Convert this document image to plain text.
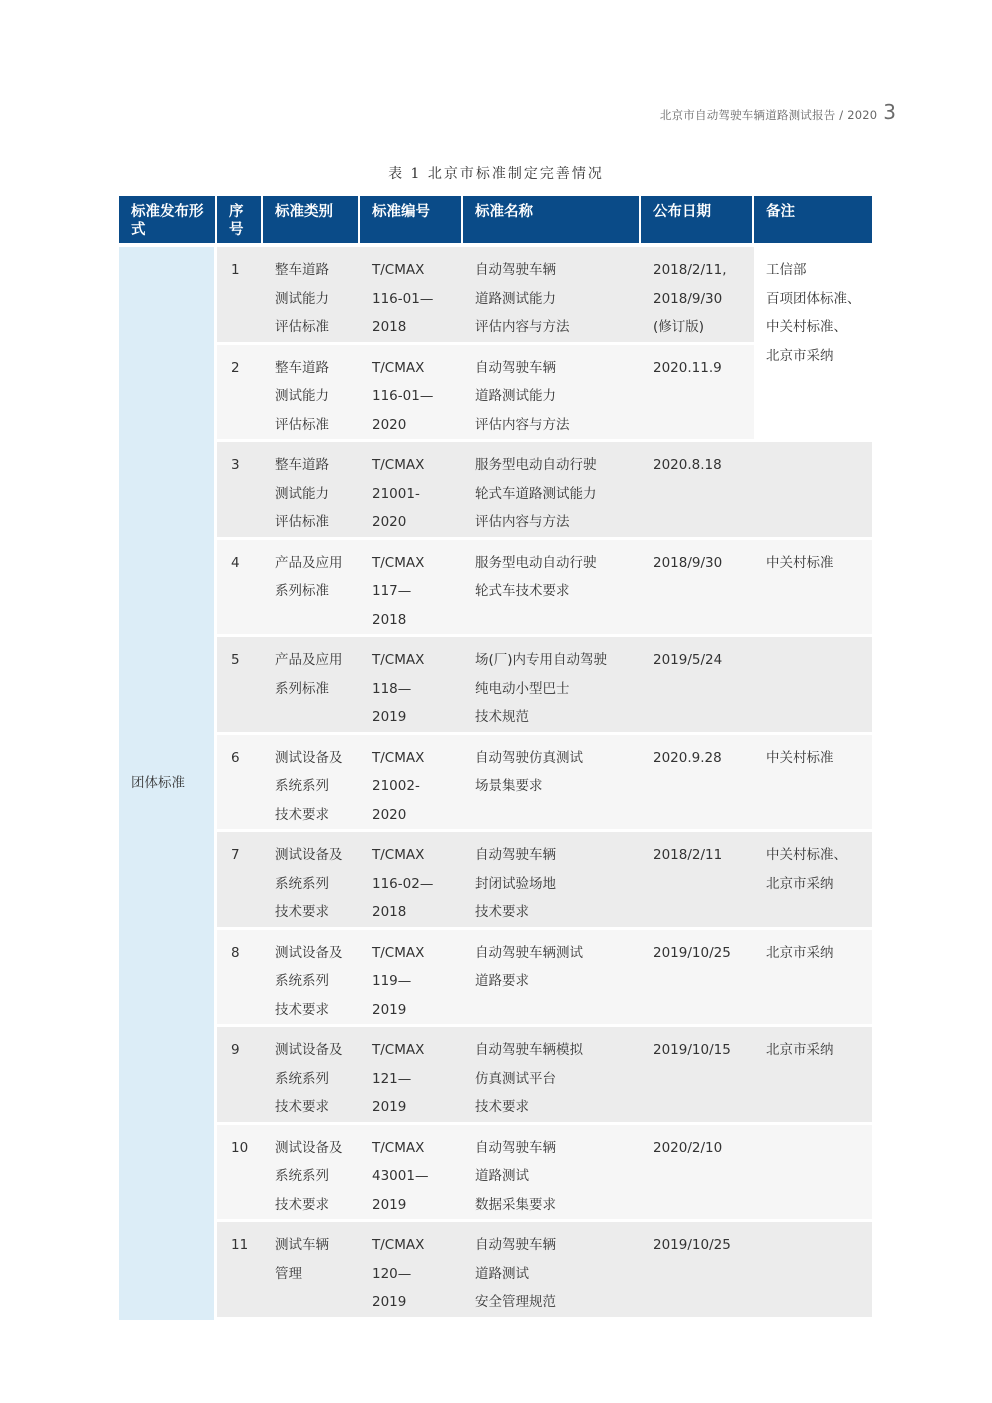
北京市自动驾驶车辆道路测试报告 / 2020 3
表 1 北京市标准制定完善情况
标准发布形式	序号	标准类别	标准编号	标准名称	公布日期	备注
团体标准	1	整车道路
测试能力
评估标准	T/CMAX
116-01—
2018	自动驾驶车辆
道路测试能力
评估内容与方法	2018/2/11,
2018/9/30
(修订版)	工信部
百项团体标准、
中关村标准、
北京市采纳

	2	整车道路
测试能力
评估标准	T/CMAX
116-01—
2020	自动驾驶车辆
道路测试能力
评估内容与方法	2020.11.9	

	3	整车道路
测试能力
评估标准	T/CMAX
21001-
2020	服务型电动自动行驶
轮式车道路测试能力
评估内容与方法	2020.8.18	

	4	产品及应用
系列标准	T/CMAX
117—
2018	服务型电动自动行驶
轮式车技术要求	2018/9/30	中关村标准

	5	产品及应用
系列标准	T/CMAX
118—
2019	场(厂)内专用自动驾驶
纯电动小型巴士
技术规范	2019/5/24	

	6	测试设备及
系统系列
技术要求	T/CMAX
21002-
2020	自动驾驶仿真测试
场景集要求	2020.9.28	中关村标准

	7	测试设备及
系统系列
技术要求	T/CMAX
116-02—
2018	自动驾驶车辆
封闭试验场地
技术要求	2018/2/11	中关村标准、
北京市采纳

	8	测试设备及
系统系列
技术要求	T/CMAX
119—
2019	自动驾驶车辆测试
道路要求	2019/10/25	北京市采纳

	9	测试设备及
系统系列
技术要求	T/CMAX
121—
2019	自动驾驶车辆模拟
仿真测试平台
技术要求	2019/10/15	北京市采纳

	10	测试设备及
系统系列
技术要求	T/CMAX
43001—
2019	自动驾驶车辆
道路测试
数据采集要求	2020/2/10	

	11	测试车辆
管理	T/CMAX
120—
2019	自动驾驶车辆
道路测试
安全管理规范	2019/10/25	
